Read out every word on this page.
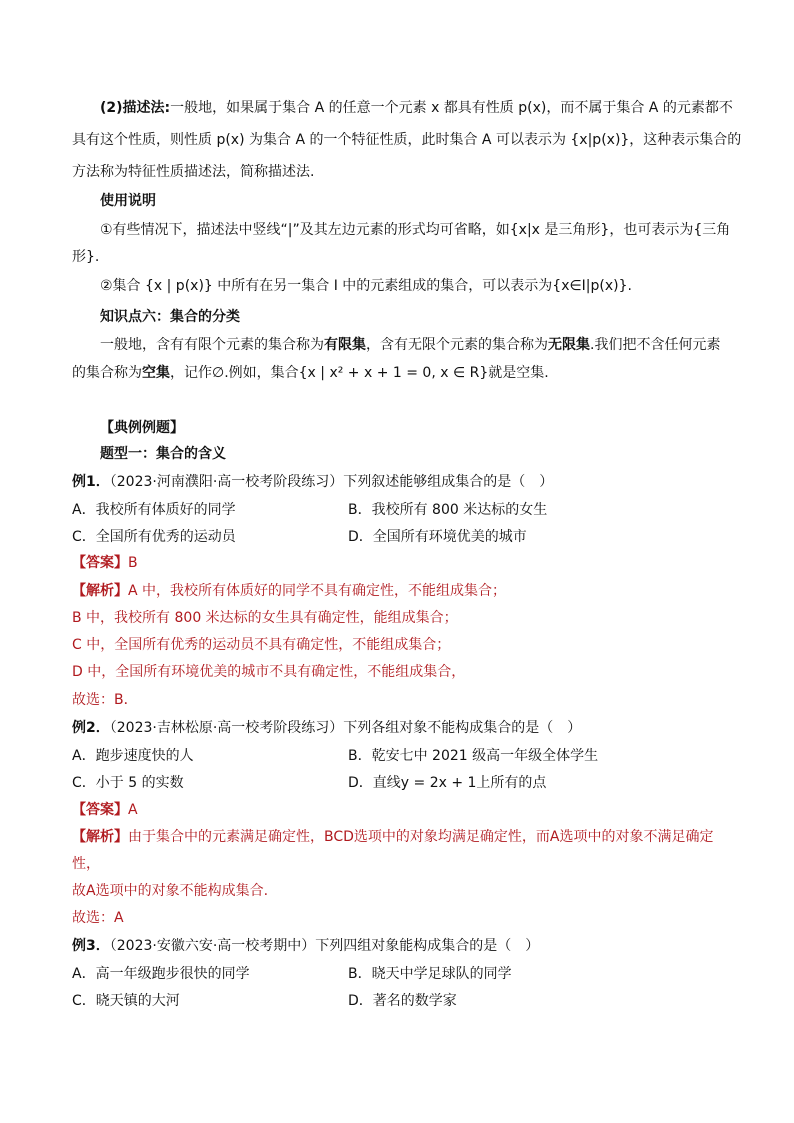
(2)描述法:一般地，如果属于集合 A 的任意一个元素 x 都具有性质 p(x)，而不属于集合 A 的元素都不
具有这个性质，则性质 p(x) 为集合 A 的一个特征性质，此时集合 A 可以表示为 {x|p(x)}，这种表示集合的
方法称为特征性质描述法，简称描述法.
使用说明
①有些情况下，描述法中竖线“|”及其左边元素的形式均可省略，如{x|x 是三角形}，也可表示为{三角
形}.
②集合 {x | p(x)} 中所有在另一集合 I 中的元素组成的集合，可以表示为{x∈I|p(x)}.
知识点六：集合的分类
一般地，含有有限个元素的集合称为有限集，含有无限个元素的集合称为无限集.我们把不含任何元素
的集合称为空集，记作∅.例如，集合{x | x² + x + 1 = 0, x ∈ R}就是空集.
【典例例题】
题型一：集合的含义
例1．（2023·河南濮阳·高一校考阶段练习）下列叙述能够组成集合的是（　）
A．我校所有体质好的同学	B．我校所有 800 米达标的女生
C．全国所有优秀的运动员	D．全国所有环境优美的城市
【答案】B
【解析】A 中，我校所有体质好的同学不具有确定性，不能组成集合；
B 中，我校所有 800 米达标的女生具有确定性，能组成集合；
C 中，全国所有优秀的运动员不具有确定性，不能组成集合；
D 中，全国所有环境优美的城市不具有确定性，不能组成集合，
故选：B．
例2．（2023·吉林松原·高一校考阶段练习）下列各组对象不能构成集合的是（　）
A．跑步速度快的人	B．乾安七中 2021 级高一年级全体学生
C．小于 5 的实数	D．直线y = 2x + 1上所有的点
【答案】A
【解析】由于集合中的元素满足确定性，BCD选项中的对象均满足确定性，而A选项中的对象不满足确定
性，
故A选项中的对象不能构成集合.
故选：A
例3．（2023·安徽六安·高一校考期中）下列四组对象能构成集合的是（　）
A．高一年级跑步很快的同学	B．晓天中学足球队的同学
C．晓天镇的大河	D．著名的数学家
